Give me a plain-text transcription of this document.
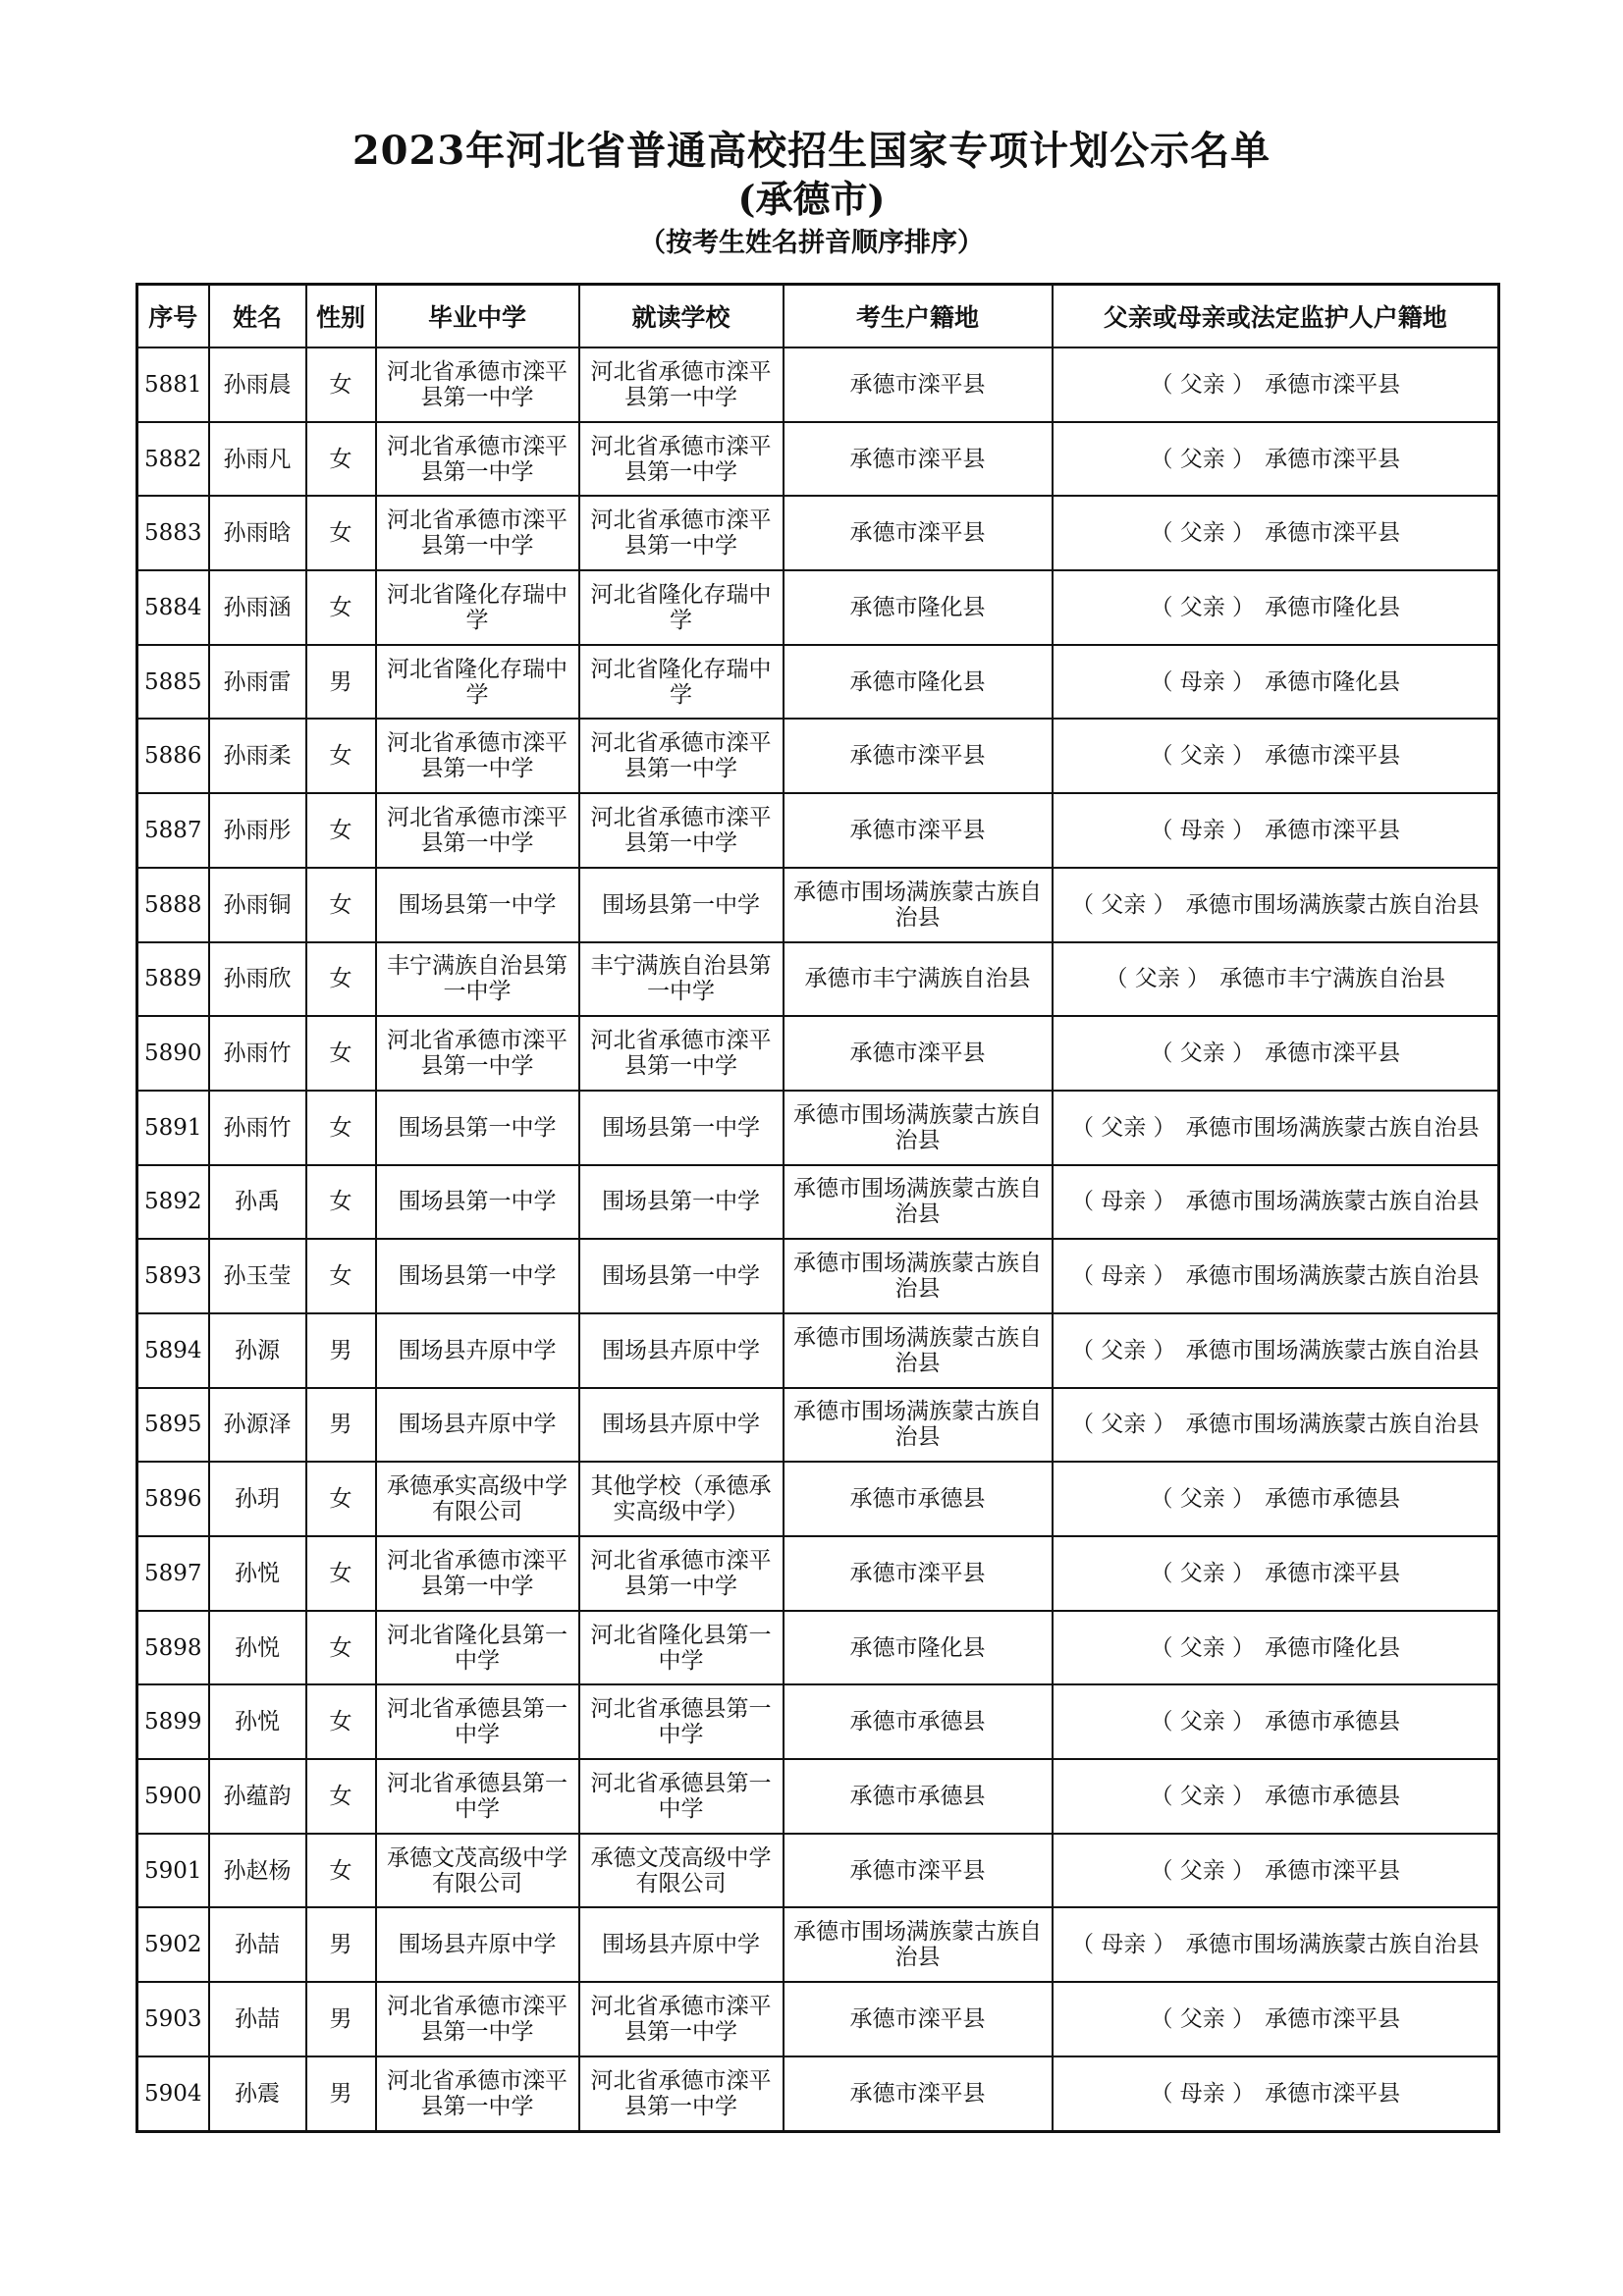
2023年河北省普通高校招生国家专项计划公示名单
(承德市)
（按考生姓名拼音顺序排序）
序号	姓名	性别	毕业中学	就读学校	考生户籍地	父亲或母亲或法定监护人户籍地
5881	孙雨晨	女	河北省承德市滦平县第一中学	河北省承德市滦平县第一中学	承德市滦平县	（ 父亲 ） 承德市滦平县
5882	孙雨凡	女	河北省承德市滦平县第一中学	河北省承德市滦平县第一中学	承德市滦平县	（ 父亲 ） 承德市滦平县
5883	孙雨晗	女	河北省承德市滦平县第一中学	河北省承德市滦平县第一中学	承德市滦平县	（ 父亲 ） 承德市滦平县
5884	孙雨涵	女	河北省隆化存瑞中学	河北省隆化存瑞中学	承德市隆化县	（ 父亲 ） 承德市隆化县
5885	孙雨雷	男	河北省隆化存瑞中学	河北省隆化存瑞中学	承德市隆化县	（ 母亲 ） 承德市隆化县
5886	孙雨柔	女	河北省承德市滦平县第一中学	河北省承德市滦平县第一中学	承德市滦平县	（ 父亲 ） 承德市滦平县
5887	孙雨彤	女	河北省承德市滦平县第一中学	河北省承德市滦平县第一中学	承德市滦平县	（ 母亲 ） 承德市滦平县
5888	孙雨铜	女	围场县第一中学	围场县第一中学	承德市围场满族蒙古族自治县	（ 父亲 ） 承德市围场满族蒙古族自治县
5889	孙雨欣	女	丰宁满族自治县第一中学	丰宁满族自治县第一中学	承德市丰宁满族自治县	（ 父亲 ） 承德市丰宁满族自治县
5890	孙雨竹	女	河北省承德市滦平县第一中学	河北省承德市滦平县第一中学	承德市滦平县	（ 父亲 ） 承德市滦平县
5891	孙雨竹	女	围场县第一中学	围场县第一中学	承德市围场满族蒙古族自治县	（ 父亲 ） 承德市围场满族蒙古族自治县
5892	孙禹	女	围场县第一中学	围场县第一中学	承德市围场满族蒙古族自治县	（ 母亲 ） 承德市围场满族蒙古族自治县
5893	孙玉莹	女	围场县第一中学	围场县第一中学	承德市围场满族蒙古族自治县	（ 母亲 ） 承德市围场满族蒙古族自治县
5894	孙源	男	围场县卉原中学	围场县卉原中学	承德市围场满族蒙古族自治县	（ 父亲 ） 承德市围场满族蒙古族自治县
5895	孙源泽	男	围场县卉原中学	围场县卉原中学	承德市围场满族蒙古族自治县	（ 父亲 ） 承德市围场满族蒙古族自治县
5896	孙玥	女	承德承实高级中学有限公司	其他学校（承德承实高级中学）	承德市承德县	（ 父亲 ） 承德市承德县
5897	孙悦	女	河北省承德市滦平县第一中学	河北省承德市滦平县第一中学	承德市滦平县	（ 父亲 ） 承德市滦平县
5898	孙悦	女	河北省隆化县第一中学	河北省隆化县第一中学	承德市隆化县	（ 父亲 ） 承德市隆化县
5899	孙悦	女	河北省承德县第一中学	河北省承德县第一中学	承德市承德县	（ 父亲 ） 承德市承德县
5900	孙蕴韵	女	河北省承德县第一中学	河北省承德县第一中学	承德市承德县	（ 父亲 ） 承德市承德县
5901	孙赵杨	女	承德文茂高级中学有限公司	承德文茂高级中学有限公司	承德市滦平县	（ 父亲 ） 承德市滦平县
5902	孙喆	男	围场县卉原中学	围场县卉原中学	承德市围场满族蒙古族自治县	（ 母亲 ） 承德市围场满族蒙古族自治县
5903	孙喆	男	河北省承德市滦平县第一中学	河北省承德市滦平县第一中学	承德市滦平县	（ 父亲 ） 承德市滦平县
5904	孙震	男	河北省承德市滦平县第一中学	河北省承德市滦平县第一中学	承德市滦平县	（ 母亲 ） 承德市滦平县
